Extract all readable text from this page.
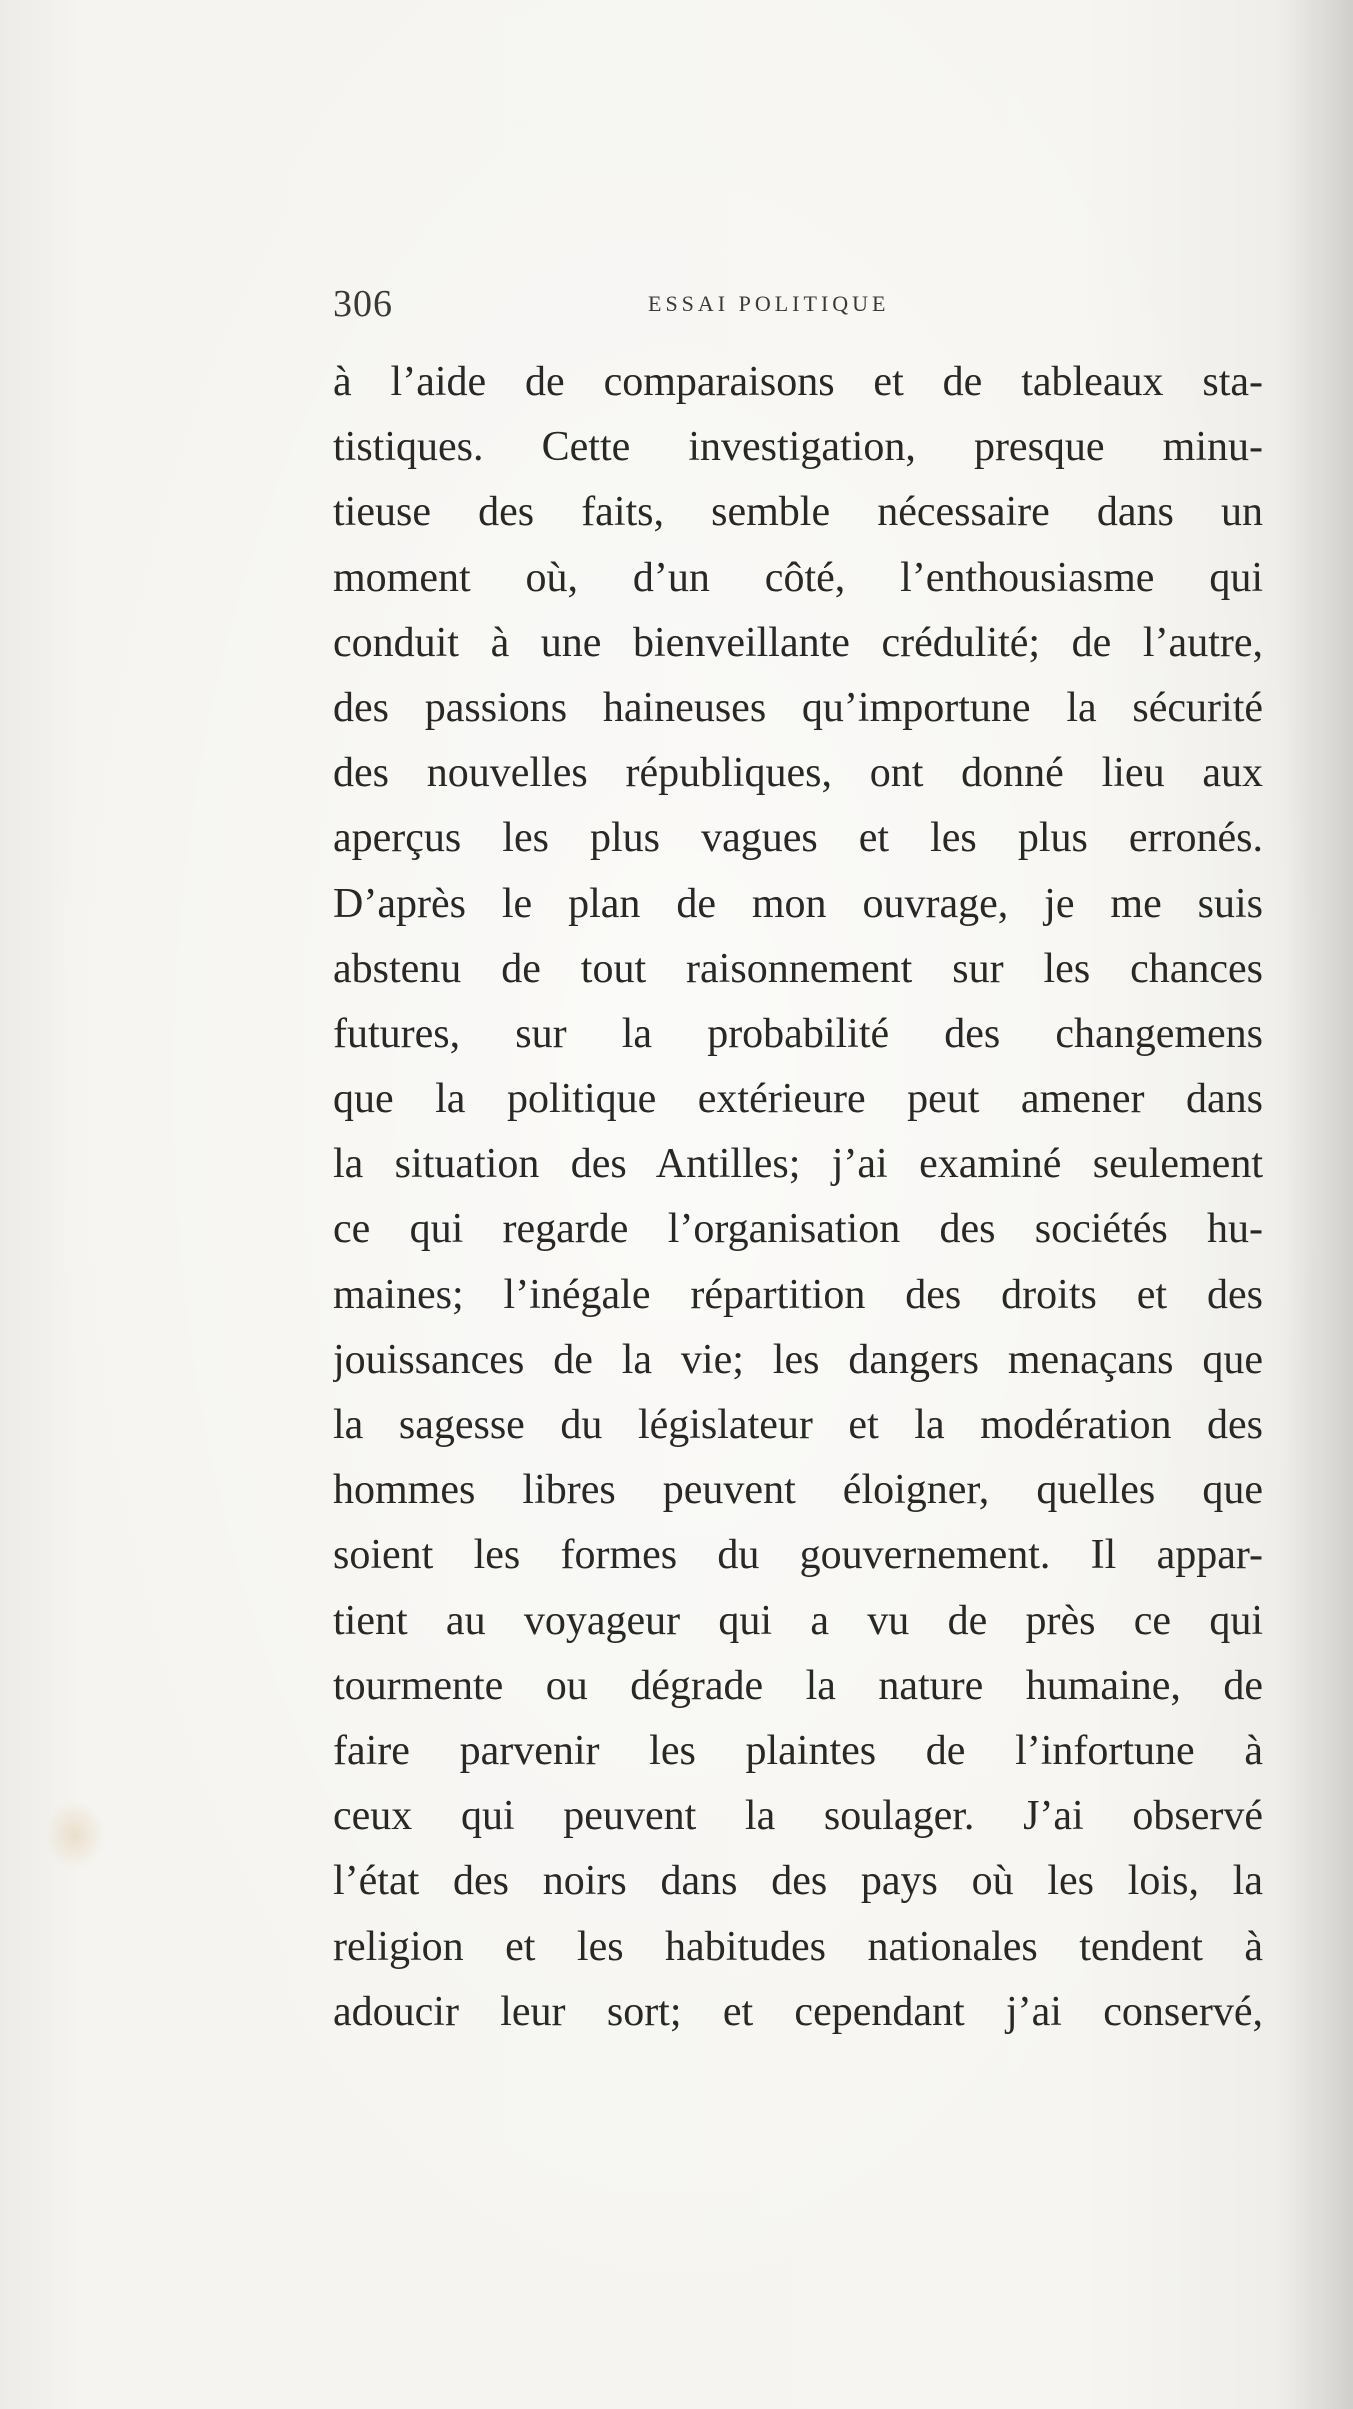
306	ESSAI POLITIQUE
à l’aide de comparaisons et de tableaux sta-
tistiques. Cette investigation, presque minu-
tieuse des faits, semble nécessaire dans un
moment où, d’un côté, l’enthousiasme qui
conduit à une bienveillante crédulité; de l’autre,
des passions haineuses qu’importune la sécurité
des nouvelles républiques, ont donné lieu aux
aperçus les plus vagues et les plus erronés.
D’après le plan de mon ouvrage, je me suis
abstenu de tout raisonnement sur les chances
futures, sur la probabilité des changemens
que la politique extérieure peut amener dans
la situation des Antilles; j’ai examiné seulement
ce qui regarde l’organisation des sociétés hu-
maines; l’inégale répartition des droits et des
jouissances de la vie; les dangers menaçans que
la sagesse du législateur et la modération des
hommes libres peuvent éloigner, quelles que
soient les formes du gouvernement. Il appar-
tient au voyageur qui a vu de près ce qui
tourmente ou dégrade la nature humaine, de
faire parvenir les plaintes de l’infortune à
ceux qui peuvent la soulager. J’ai observé
l’état des noirs dans des pays où les lois, la
religion et les habitudes nationales tendent à
adoucir leur sort; et cependant j’ai conservé,
